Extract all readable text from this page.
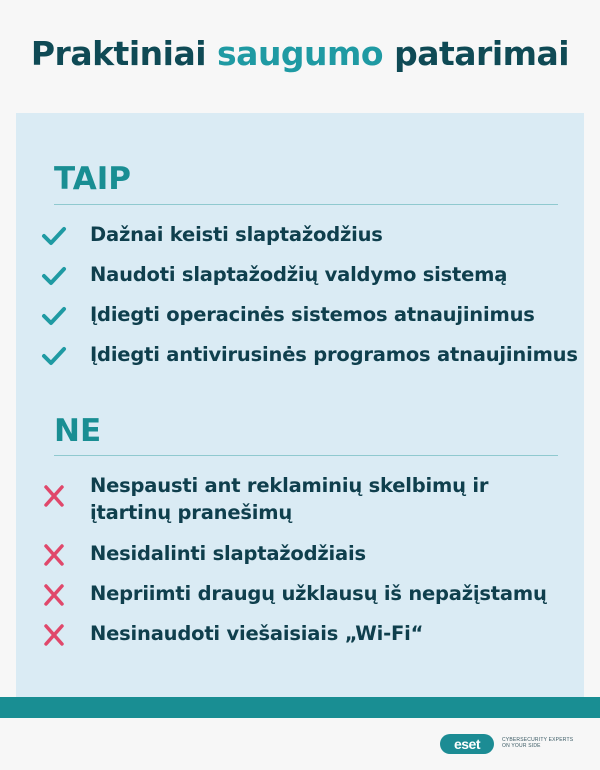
Praktiniai saugumo patarimai
TAIP
Dažnai keisti slaptažodžius
Naudoti slaptažodžių valdymo sistemą
Įdiegti operacinės sistemos atnaujinimus
Įdiegti antivirusinės programos atnaujinimus
NE
Nespausti ant reklaminių skelbimų ir įtartinų pranešimų
Nesidalinti slaptažodžiais
Nepriimti draugų užklausų iš nepažįstamų
Nesinaudoti viešaisiais „Wi-Fi“
eset	CYBERSECURITY EXPERTS ON YOUR SIDE
